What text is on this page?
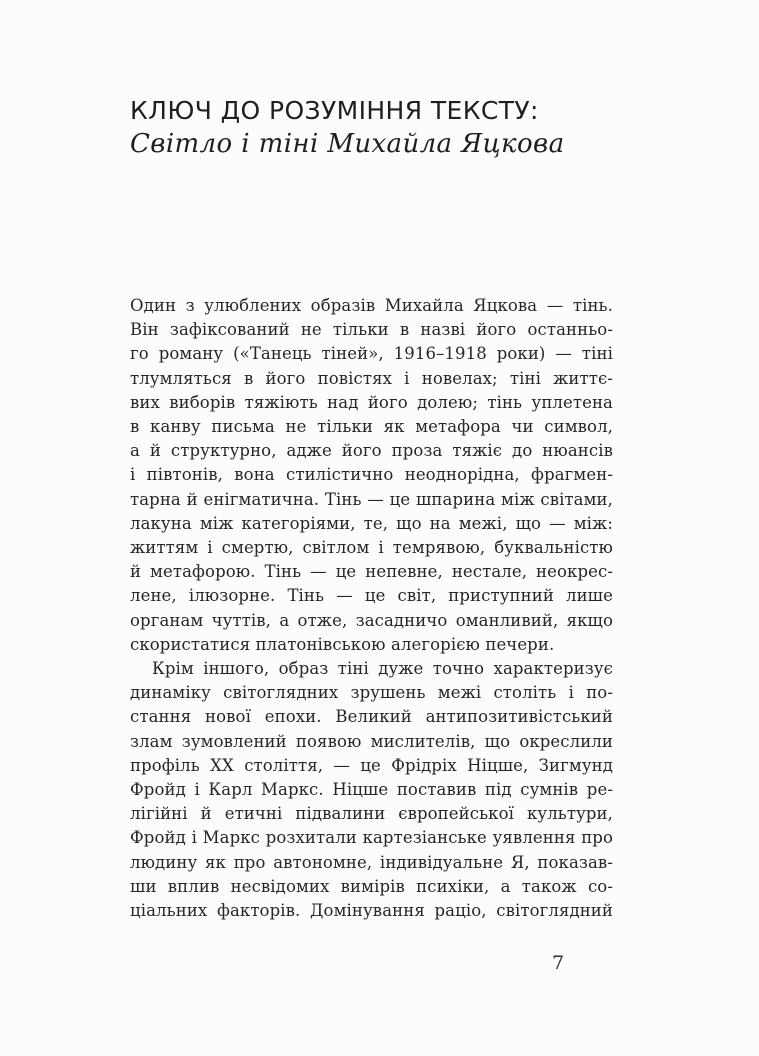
КЛЮЧ ДО РОЗУМІННЯ ТЕКСТУ:
Світло і тіні Михайла Яцкова
Один з улюблених образів Михайла Яцкова — тінь.
Він зафіксований не тільки в назві його останньо-
го роману («Танець тіней», 1916–1918 роки) — тіні
тлумляться в його повістях і новелах; тіні життє-
вих виборів тяжіють над його долею; тінь уплетена
в канву письма не тільки як метафора чи символ,
а й структурно, адже його проза тяжіє до нюансів
і півтонів, вона стилістично неоднорідна, фрагмен-
тарна й енігматична. Тінь — це шпарина між світами,
лакуна між категоріями, те, що на межі, що — між:
життям і смертю, світлом і темрявою, буквальністю
й метафорою. Тінь — це непевне, нестале, неокрес-
лене, ілюзорне. Тінь — це світ, приступний лише
органам чуттів, а отже, засадничо оманливий, якщо
скористатися платонівською алегорією печери.
Крім іншого, образ тіні дуже точно характеризує
динаміку світоглядних зрушень межі століть і по-
стання нової епохи. Великий антипозитивістський
злам зумовлений появою мислителів, що окреслили
профіль ХХ століття, — це Фрідріх Ніцше, Зигмунд
Фройд і Карл Маркс. Ніцше поставив під сумнів ре-
лігійні й етичні підвалини європейської культури,
Фройд і Маркс розхитали картезіанське уявлення про
людину як про автономне, індивідуальне Я, показав-
ши вплив несвідомих вимірів психіки, а також со-
ціальних факторів. Домінування раціо, світоглядний
7
